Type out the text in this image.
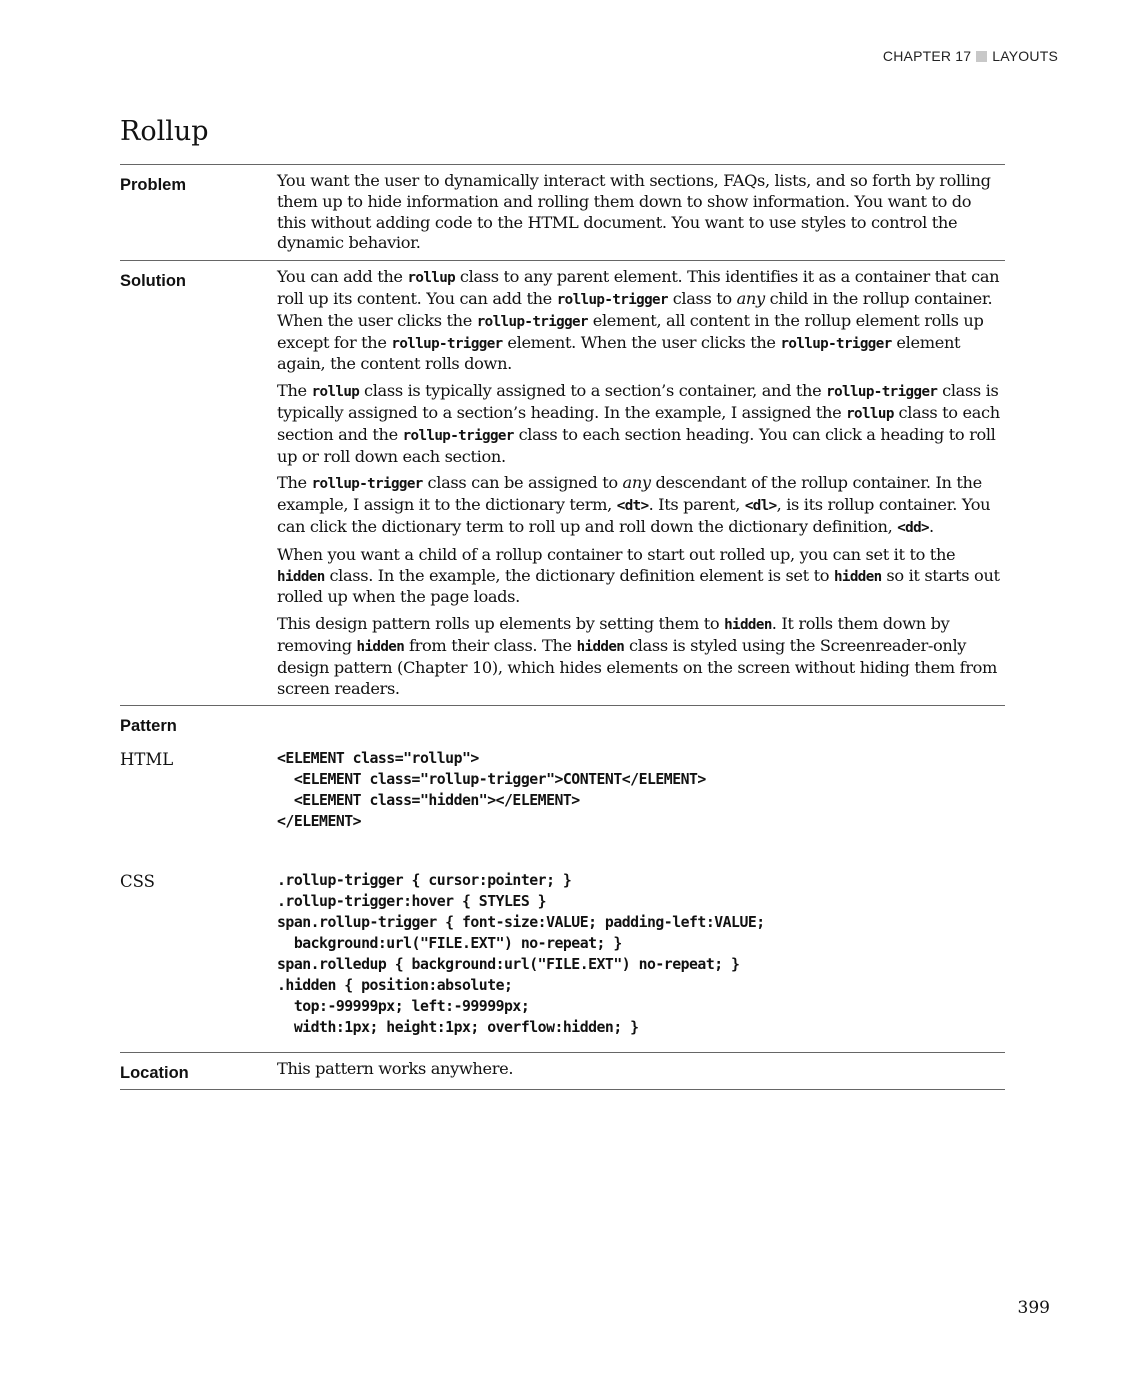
CHAPTER 17 LAYOUTS
Rollup
Problem	You want the user to dynamically interact with sections, FAQs, lists, and so forth by rolling them up to hide information and rolling them down to show information. You want to do this without adding code to the HTML document. You want to use styles to control the dynamic behavior.

Solution	You can add the rollup class to any parent element. This identifies it as a container that can roll up its content. You can add the rollup-trigger class to any child in the rollup container. When the user clicks the rollup-trigger element, all content in the rollup element rolls up except for the rollup-trigger element. When the user clicks the rollup-trigger element again, the content rolls down.

The rollup class is typically assigned to a section’s container, and the rollup-trigger class is typically assigned to a section’s heading. In the example, I assigned the rollup class to each section and the rollup-trigger class to each section heading. You can click a heading to roll up or roll down each section.

The rollup-trigger class can be assigned to any descendant of the rollup container. In the example, I assign it to the dictionary term, <dt>. Its parent, <dl>, is its rollup container. You can click the dictionary term to roll up and roll down the dictionary definition, <dd>.

When you want a child of a rollup container to start out rolled up, you can set it to the hidden class. In the example, the dictionary definition element is set to hidden so it starts out rolled up when the page loads.

This design pattern rolls up elements by setting them to hidden. It rolls them down by removing hidden from their class. The hidden class is styled using the Screenreader-only design pattern (Chapter 10), which hides elements on the screen without hiding them from screen readers.

Pattern
HTML	<ELEMENT class="rollup">
<ELEMENT class="rollup-trigger">CONTENT</ELEMENT>
<ELEMENT class="hidden"></ELEMENT>
</ELEMENT>
CSS	.rollup-trigger { cursor:pointer; }
.rollup-trigger:hover { STYLES }
span.rollup-trigger { font-size:VALUE; padding-left:VALUE;
background:url("FILE.EXT") no-repeat; }
span.rolledup { background:url("FILE.EXT") no-repeat; }
.hidden { position:absolute;
top:-99999px; left:-99999px;
width:1px; height:1px; overflow:hidden; }
Location	This pattern works anywhere.

399
